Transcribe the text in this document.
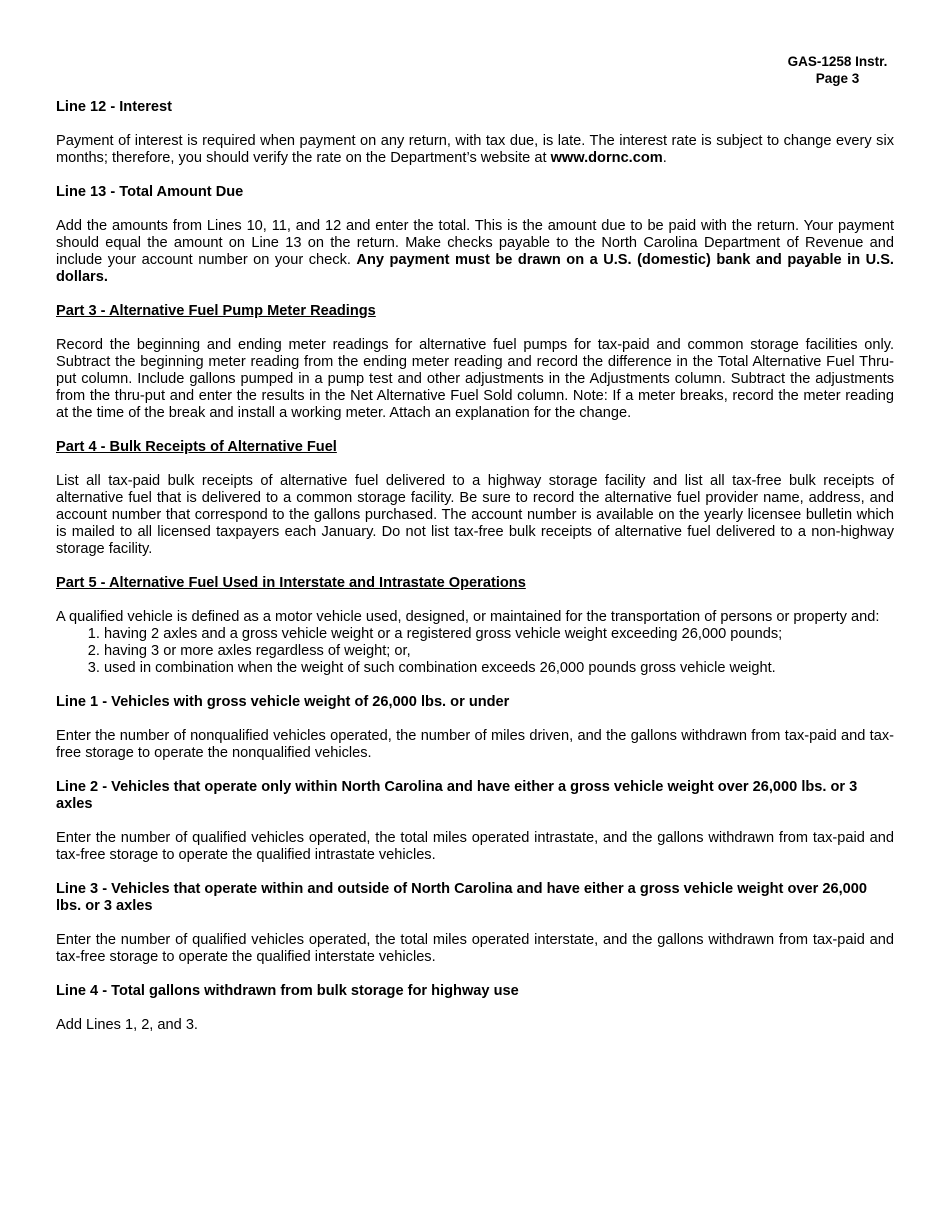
GAS-1258 Instr.
Page 3
Line 12 - Interest

Payment of interest is required when payment on any return, with tax due, is late. The interest rate is subject to change every six months; therefore, you should verify the rate on the Department’s website at www.dornc.com.

Line 13 - Total Amount Due

Add the amounts from Lines 10, 11, and 12 and enter the total. This is the amount due to be paid with the return. Your payment should equal the amount on Line 13 on the return. Make checks payable to the North Carolina Department of Revenue and include your account number on your check. Any payment must be drawn on a U.S. (domestic) bank and payable in U.S. dollars.

Part 3 - Alternative Fuel Pump Meter Readings

Record the beginning and ending meter readings for alternative fuel pumps for tax-paid and common storage facilities only. Subtract the beginning meter reading from the ending meter reading and record the difference in the Total Alternative Fuel Thru-put column. Include gallons pumped in a pump test and other adjustments in the Adjustments column. Subtract the adjustments from the thru-put and enter the results in the Net Alternative Fuel Sold column. Note: If a meter breaks, record the meter reading at the time of the break and install a working meter. Attach an explanation for the change.

Part 4 - Bulk Receipts of Alternative Fuel

List all tax-paid bulk receipts of alternative fuel delivered to a highway storage facility and list all tax-free bulk receipts of alternative fuel that is delivered to a common storage facility. Be sure to record the alternative fuel provider name, address, and account number that correspond to the gallons purchased. The account number is available on the yearly licensee bulletin which is mailed to all licensed taxpayers each January. Do not list tax-free bulk receipts of alternative fuel delivered to a non-highway storage facility.

Part 5 - Alternative Fuel Used in Interstate and Intrastate Operations

A qualified vehicle is defined as a motor vehicle used, designed, or maintained for the transportation of persons or property and:

1. having 2 axles and a gross vehicle weight or a registered gross vehicle weight exceeding 26,000 pounds;
2. having 3 or more axles regardless of weight; or,
3. used in combination when the weight of such combination exceeds 26,000 pounds gross vehicle weight.
Line 1 - Vehicles with gross vehicle weight of 26,000 lbs. or under

Enter the number of nonqualified vehicles operated, the number of miles driven, and the gallons withdrawn from tax-paid and tax-free storage to operate the nonqualified vehicles.

Line 2 - Vehicles that operate only within North Carolina and have either a gross vehicle weight over 26,000 lbs. or 3 axles

Enter the number of qualified vehicles operated, the total miles operated intrastate, and the gallons withdrawn from tax-paid and tax-free storage to operate the qualified intrastate vehicles.

Line 3 - Vehicles that operate within and outside of North Carolina and have either a gross vehicle weight over 26,000 lbs. or 3 axles

Enter the number of qualified vehicles operated, the total miles operated interstate, and the gallons withdrawn from tax-paid and tax-free storage to operate the qualified interstate vehicles.

Line 4 - Total gallons withdrawn from bulk storage for highway use

Add Lines 1, 2, and 3.
